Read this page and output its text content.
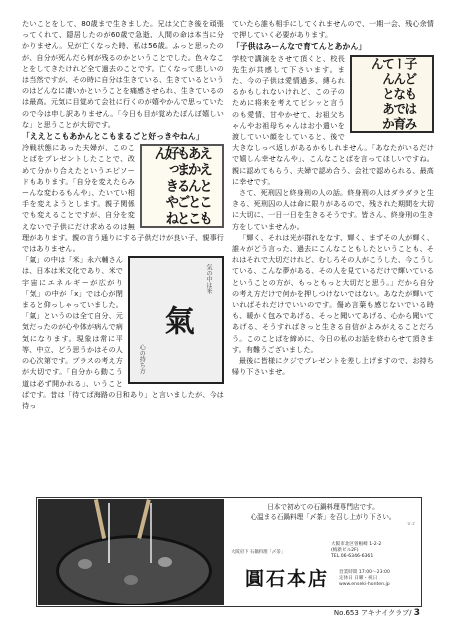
たいことをして、80歳まで生きました。兄は父亡き後を頑張ってくれて、隠居したのが60歳で急逝、人間の命は本当に分かりません。兄が亡くなった時、私は56歳。ふっと思ったのが、自分が死んだら何が残るのかということでした。色々なことをしてきたけれど全て過去のことです。亡くなって悲しいのは当然ですが、その時に自分は生きている、生きているというのはどんなに凄いかということを痛感させられ、生きているのは最高。元気に目覚めて会社に行くのが嬉やかんで思っていたので今は申し訳ありません。「今日も目が覚めたぼんぼ嬉しいな」と思うことが大切です。

「ええとこもあかんとこもまるごと好っきやねん」
ええとこもあかんとこもまるごと好っきやねん

冷戦状態にあった夫婦が、このことばをプレゼントしたことで、改めて分かり合えたというエピソードもあります。「自分を変えたらみーんな変わるもんや」、たいてい相手を変えようとします。親子関係でも変えることですが、自分を変えないで子供にだけ求めるのは無理があります。親の言う通りにする子供だけが良い子、親事行ではありません。

気の中は米
氣
心の持ち方

「氣」の中は「米」永六輔さんは、日本は米文化であり、米で宇宙にエネルギーが広がり「気」の中が「x」では心が閉まると仰っしゃっていました。「氣」というのは全て自分、元気だったのが心や体が病んで病気になります。現象は常に平等、中立、どう思うかはその人の心次第です。プラスの考え方が大切です。「自分から動こう道は必ず開かれる」、いうことばです。昔は「待てば海路の日和あり」と言いましたが、今は待っ

ていたら誰も相手にしてくれませんので、一期一会、残心余情で押していく必要があります。

「子供はみーんなで育てんとあかん」
子どもはみーんなで育てんとあかん

学校で講演をさせて頂くと、校長先生が共感して下さいます。また、今の子供は愛情過多、縛られるかもしれないけれど、この子のために将来を考えてピシッと言うのも愛情、甘やかせて、お祖父ちゃんやお祖母ちゃんはお小遣いを渡していい顔をしていると、後で大きなしっぺ返しがあるかもしれません。「あなたがいるだけで嬉しん幸せなんや」、こんなことばを言ってほしいですね。親に認めてもらう、夫婦で認め合う、会社で認められる、最高に幸せです。

さて、死刑囚と終身刑の人の話。終身刑の人はダラダラと生きる、死刑囚の人は命に限りがあるので、残された期間を大切に大切に、一日一日を生きるそうです。皆さん、終身刑の生き方をしていませんか。

「輝く、それは光が群れをなす、輝く、まずその人が輝く、誰々がどう言った、過去にこんなこともしたということも、それはそれで大切だけれど、むしろその人がこうした、今こうしている、こんな夢がある、その人を見ているだけで輝いているということの方が、もっともっと大切だと思う。」だから自分の考え方だけで何かを押しつけないではない。あなたが輝いていればそれだけでいいのです。傷め言葉も感じないでいる時も、暖かく包みであげる、そっと聞いてあげる、心から聞いてあげる、そうすればきっと生きる自信がよみがえることだろう。このことばを締めに、今日の私のお話を終わらせて頂きます。有難うございました。

最後に皆様にクジでプレゼントを差し上げますので、お持ち帰り下さいませ。

日本で初めての石鍋料理専門店です。
心温まる石鍋料理「〆茶」を召し上がり下さい。
ロゴ
大阪府下 石鍋料理「〆茶」
大阪市北区曽根崎 1-2-2
(梅新ビル2F)
TEL.06-6346-6361
圓石本店 営業時間 17:00〜23:00
定休日 日曜・祝日
www.enseki-honten.jp
No.653 アキナイクラブ/ 3
